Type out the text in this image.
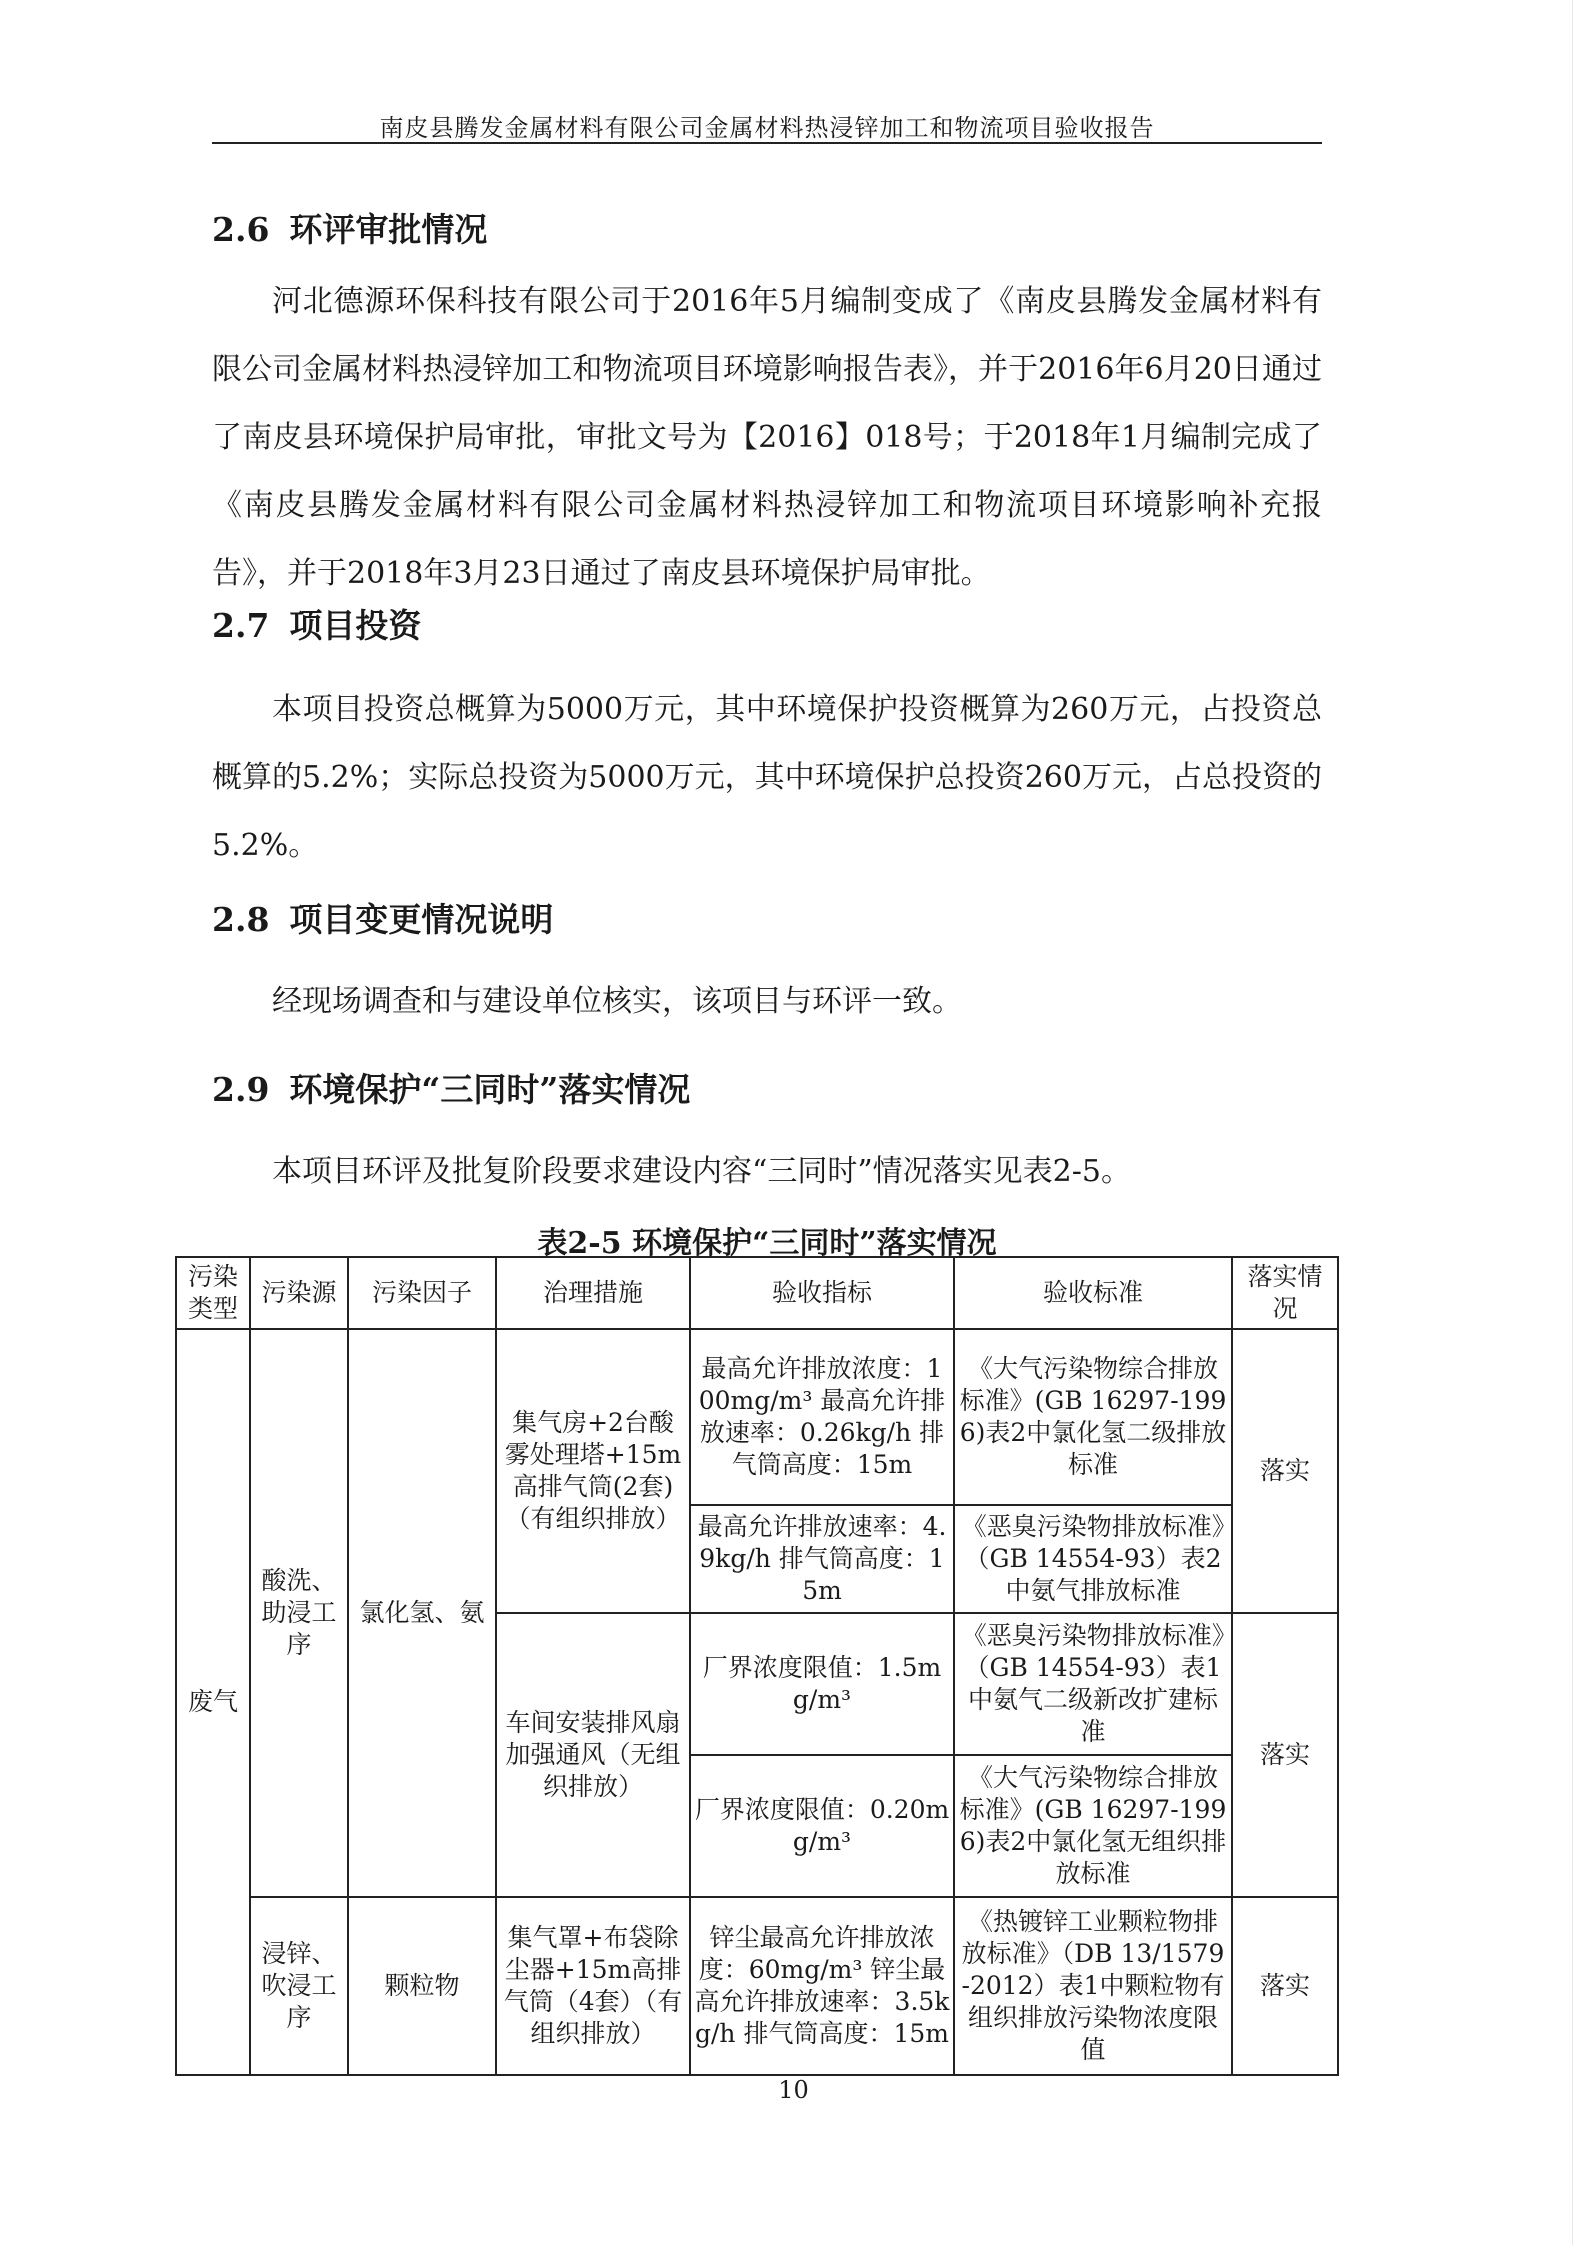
南皮县腾发金属材料有限公司金属材料热浸锌加工和物流项目验收报告
2.6 环评审批情况
河北德源环保科技有限公司于2016年5月编制变成了《南皮县腾发金属材料有限公司金属材料热浸锌加工和物流项目环境影响报告表》，并于2016年6月20日通过了南皮县环境保护局审批，审批文号为【2016】018号；于2018年1月编制完成了《南皮县腾发金属材料有限公司金属材料热浸锌加工和物流项目环境影响补充报告》，并于2018年3月23日通过了南皮县环境保护局审批。
2.7 项目投资
本项目投资总概算为5000万元，其中环境保护投资概算为260万元，占投资总概算的5.2%；实际总投资为5000万元，其中环境保护总投资260万元，占总投资的5.2%。
2.8 项目变更情况说明
经现场调查和与建设单位核实，该项目与环评一致。
2.9 环境保护“三同时”落实情况
本项目环评及批复阶段要求建设内容“三同时”情况落实见表2-5。
表2-5 环境保护“三同时”落实情况
污染类型	污染源	污染因子	治理措施	验收指标	验收标准	落实情况
废气	酸洗、助浸工序	氯化氢、氨	集气房+2台酸雾处理塔+15m高排气筒(2套)（有组织排放）	最高允许排放浓度：100mg/m³ 最高允许排放速率：0.26kg/h 排气筒高度：15m	《大气污染物综合排放标准》(GB 16297-1996)表2中氯化氢二级排放标准	落实
				最高允许排放速率：4.9kg/h 排气筒高度：15m	《恶臭污染物排放标准》（GB 14554-93）表2中氨气排放标准	
			车间安装排风扇加强通风（无组织排放）	厂界浓度限值：1.5mg/m³	《恶臭污染物排放标准》（GB 14554-93）表1中氨气二级新改扩建标准	落实
				厂界浓度限值：0.20mg/m³	《大气污染物综合排放标准》(GB 16297-1996)表2中氯化氢无组织排放标准	
	浸锌、吹浸工序	颗粒物	集气罩+布袋除尘器+15m高排气筒（4套）（有组织排放）	锌尘最高允许排放浓度：60mg/m³ 锌尘最高允许排放速率：3.5kg/h 排气筒高度：15m	《热镀锌工业颗粒物排放标准》（DB 13/1579-2012）表1中颗粒物有组织排放污染物浓度限值	落实
10
